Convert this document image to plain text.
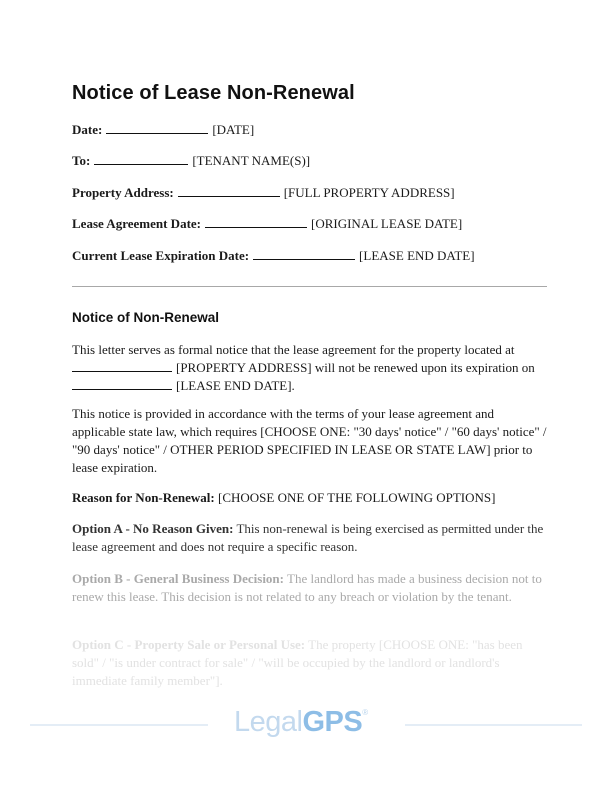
Notice of Lease Non-Renewal
Date:	[DATE]
To:	[TENANT NAME(S)]
Property Address:	[FULL PROPERTY ADDRESS]
Lease Agreement Date:	[ORIGINAL LEASE DATE]
Current Lease Expiration Date:	[LEASE END DATE]
Notice of Non-Renewal
This letter serves as formal notice that the lease agreement for the property located at
[PROPERTY ADDRESS] will not be renewed upon its expiration on
[LEASE END DATE].
This notice is provided in accordance with the terms of your lease agreement and applicable state law, which requires [CHOOSE ONE: "30 days' notice" / "60 days' notice" / "90 days' notice" / OTHER PERIOD SPECIFIED IN LEASE OR STATE LAW] prior to lease expiration.
Reason for Non-Renewal: [CHOOSE ONE OF THE FOLLOWING OPTIONS]
Option A - No Reason Given: This non-renewal is being exercised as permitted under the lease agreement and does not require a specific reason.
Option B - General Business Decision: The landlord has made a business decision not to renew this lease. This decision is not related to any breach or violation by the tenant.
Option C - Property Sale or Personal Use: The property [CHOOSE ONE: "has been sold" / "is under contract for sale" / "will be occupied by the landlord or landlord's immediate family member"].
LegalGPS®
